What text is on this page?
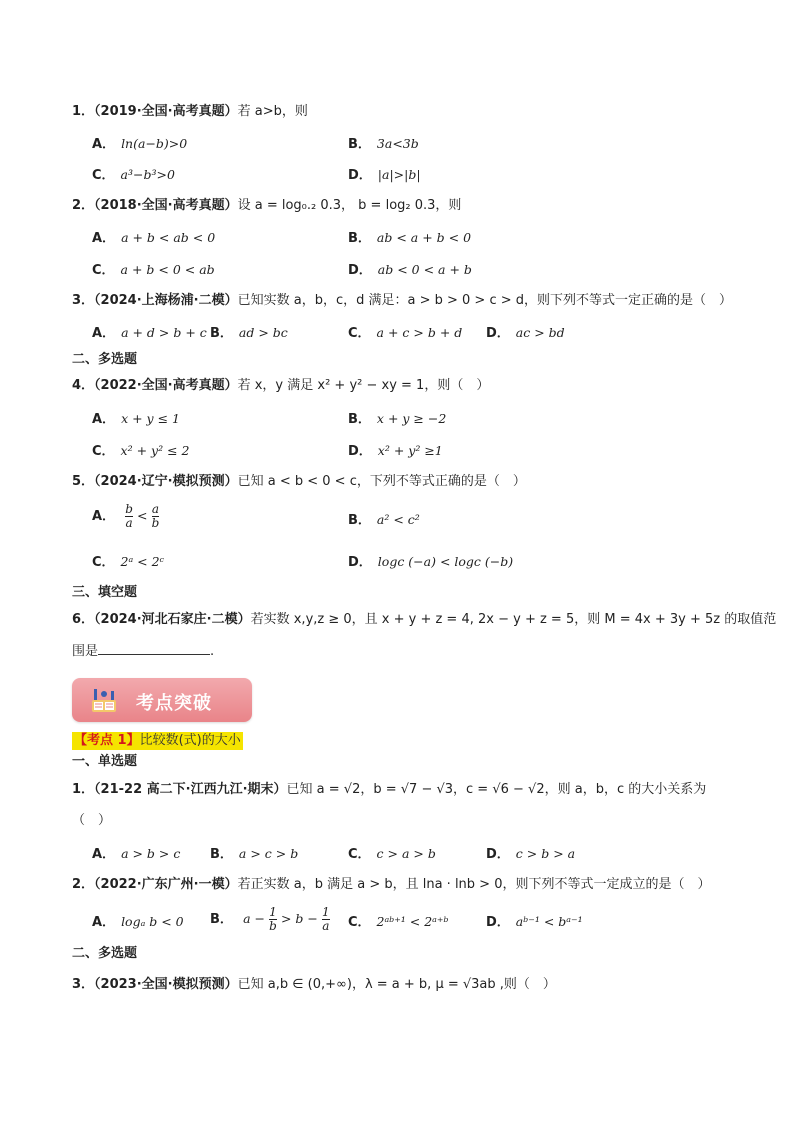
1．（2019·全国·高考真题）若 a>b，则
A． ln(a−b)>0	B． 3a<3b
C． a³−b³>0	D． |a|>|b|
2．（2018·全国·高考真题）设 a = log₀.₂ 0.3， b = log₂ 0.3，则
A． a + b < ab < 0	B． ab < a + b < 0
C． a + b < 0 < ab	D． ab < 0 < a + b
3．（2024·上海杨浦·二模）已知实数 a，b，c，d 满足：a > b > 0 > c > d，则下列不等式一定正确的是（　）
A． a + d > b + c B． ad > bc	C． a + c > b + d D． ac > bd
二、多选题
4．（2022·全国·高考真题）若 x，y 满足 x² + y² − xy = 1，则（　）
A． x + y ≤ 1	B． x + y ≥ −2
C． x² + y² ≤ 2	D． x² + y² ≥1
5．（2024·辽宁·模拟预测）已知 a < b < 0 < c，下列不等式正确的是（　）
A． $\frac{b}{a} < \frac{a}{b}$	B． a² < c²
C． 2ᵃ < 2ᶜ	D． logc (−a) < logc (−b)
三、填空题
6．（2024·河北石家庄·二模）若实数 x,y,z ≥ 0，且 x + y + z = 4, 2x − y + z = 5，则 M = 4x + 3y + 5z 的取值范
围是	.
考点突破
【考点 1】比较数(式)的大小
一、单选题
1．（21-22 高二下·江西九江·期末）已知 a = √2，b = √7 − √3，c = √6 − √2，则 a，b，c 的大小关系为
（　）
A． a > b > c B． a > c > b	C． c > a > b	D． c > b > a
2．（2022·广东广州·一模）若正实数 a，b 满足 a > b，且 lna · lnb > 0，则下列不等式一定成立的是（　）
A． logₐ b < 0 B． $a - \frac{1}{b} > b - \frac{1}{a}$ C． 2ᵃᵇ⁺¹ < 2ᵃ⁺ᵇ	D． aᵇ⁻¹ < bᵃ⁻¹
二、多选题
3．（2023·全国·模拟预测）已知 a,b ∈ (0,+∞)，λ = a + b, μ = √3ab ,则（　）
